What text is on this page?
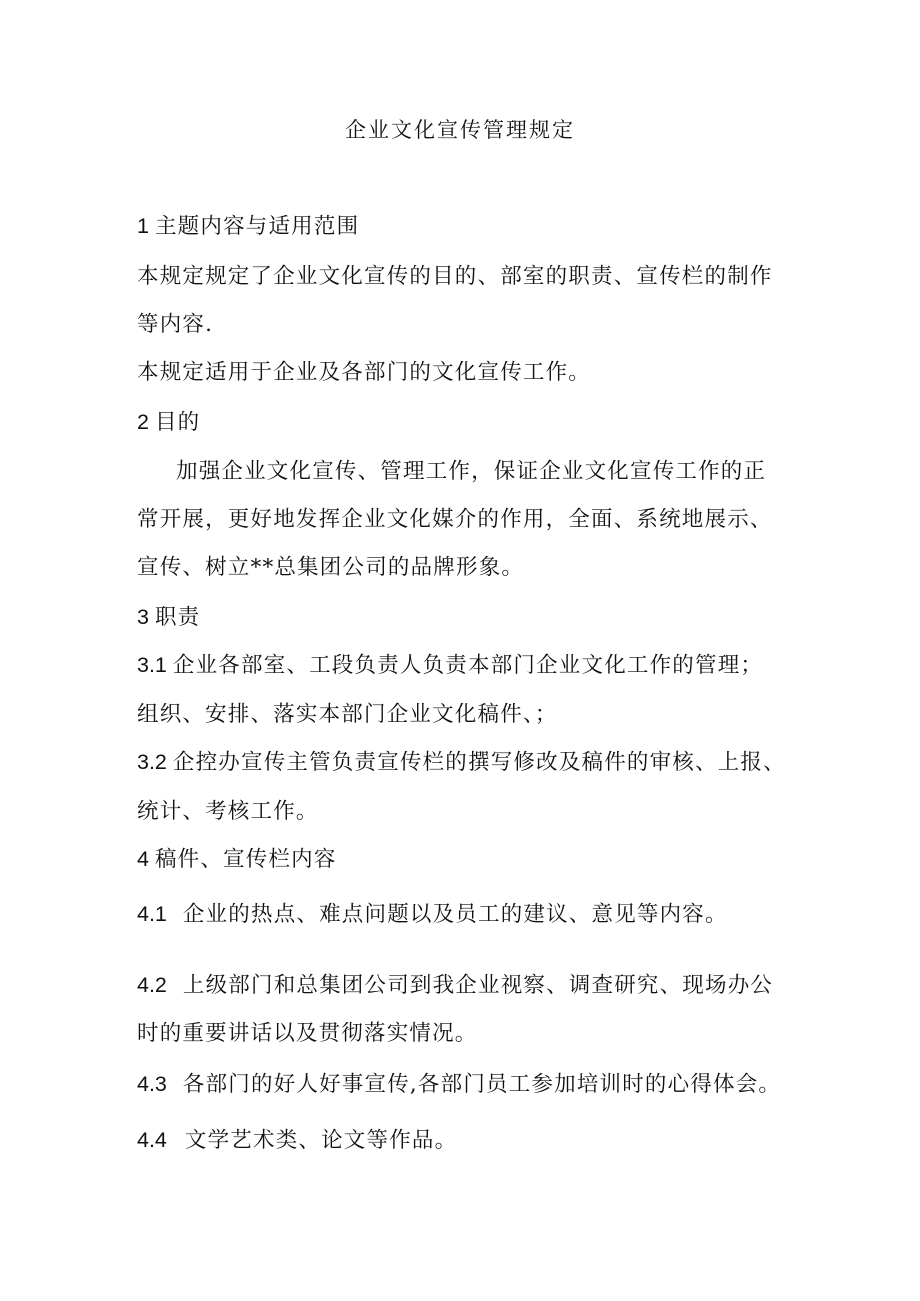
企业文化宣传管理规定
1 主题内容与适用范围
本规定规定了企业文化宣传的目的、部室的职责、宣传栏的制作
等内容.
本规定适用于企业及各部门的文化宣传工作。
2 目的
加强企业文化宣传、管理工作，保证企业文化宣传工作的正
常开展，更好地发挥企业文化媒介的作用，全面、系统地展示、
宣传、树立**总集团公司的品牌形象。
3 职责
3.1 企业各部室、工段负责人负责本部门企业文化工作的管理；
组织、安排、落实本部门企业文化稿件、；
3.2 企控办宣传主管负责宣传栏的撰写修改及稿件的审核、上报、
统计、考核工作。
4 稿件、宣传栏内容
4.1 企业的热点、难点问题以及员工的建议、意见等内容。
4.2 上级部门和总集团公司到我企业视察、调查研究、现场办公
时的重要讲话以及贯彻落实情况。
4.3 各部门的好人好事宣传,各部门员工参加培训时的心得体会。
4.4 文学艺术类、论文等作品。
